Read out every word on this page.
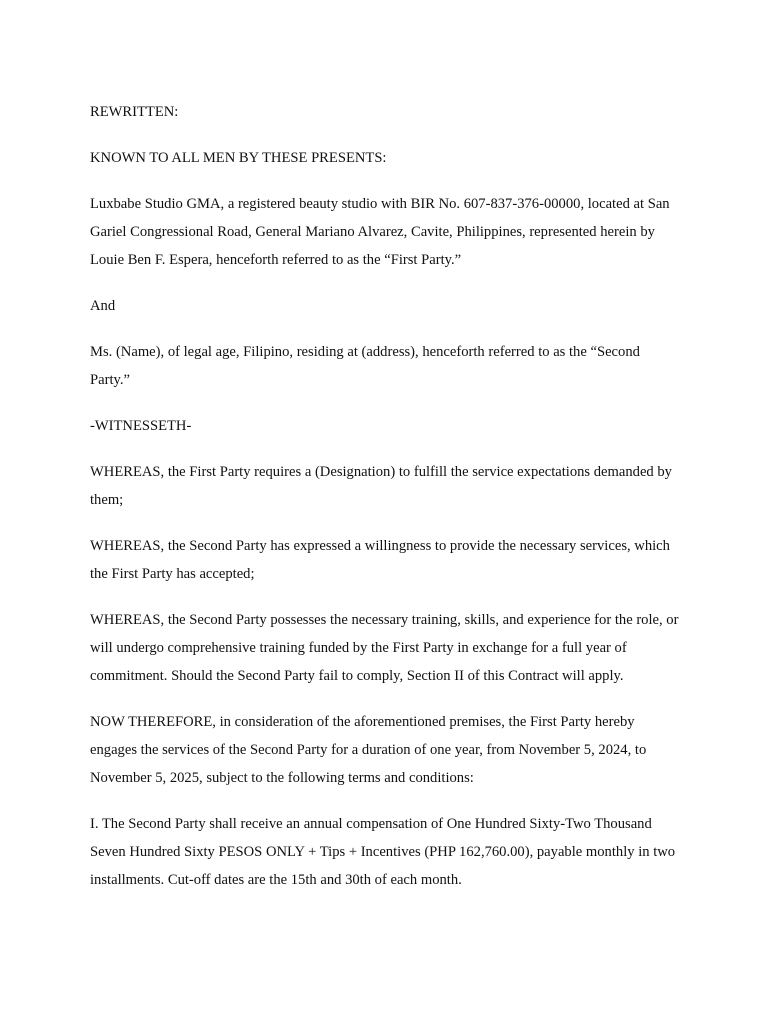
REWRITTEN:

KNOWN TO ALL MEN BY THESE PRESENTS:

Luxbabe Studio GMA, a registered beauty studio with BIR No. 607-837-376-00000, located at San Gariel Congressional Road, General Mariano Alvarez, Cavite, Philippines, represented herein by Louie Ben F. Espera, henceforth referred to as the “First Party.”

And

Ms. (Name), of legal age, Filipino, residing at (address), henceforth referred to as the “Second Party.”

-WITNESSETH-

WHEREAS, the First Party requires a (Designation) to fulfill the service expectations demanded by them;

WHEREAS, the Second Party has expressed a willingness to provide the necessary services, which the First Party has accepted;

WHEREAS, the Second Party possesses the necessary training, skills, and experience for the role, or will undergo comprehensive training funded by the First Party in exchange for a full year of commitment. Should the Second Party fail to comply, Section II of this Contract will apply.

NOW THEREFORE, in consideration of the aforementioned premises, the First Party hereby engages the services of the Second Party for a duration of one year, from November 5, 2024, to November 5, 2025, subject to the following terms and conditions:

I. The Second Party shall receive an annual compensation of One Hundred Sixty-Two Thousand Seven Hundred Sixty PESOS ONLY + Tips + Incentives (PHP 162,760.00), payable monthly in two installments. Cut-off dates are the 15th and 30th of each month.
